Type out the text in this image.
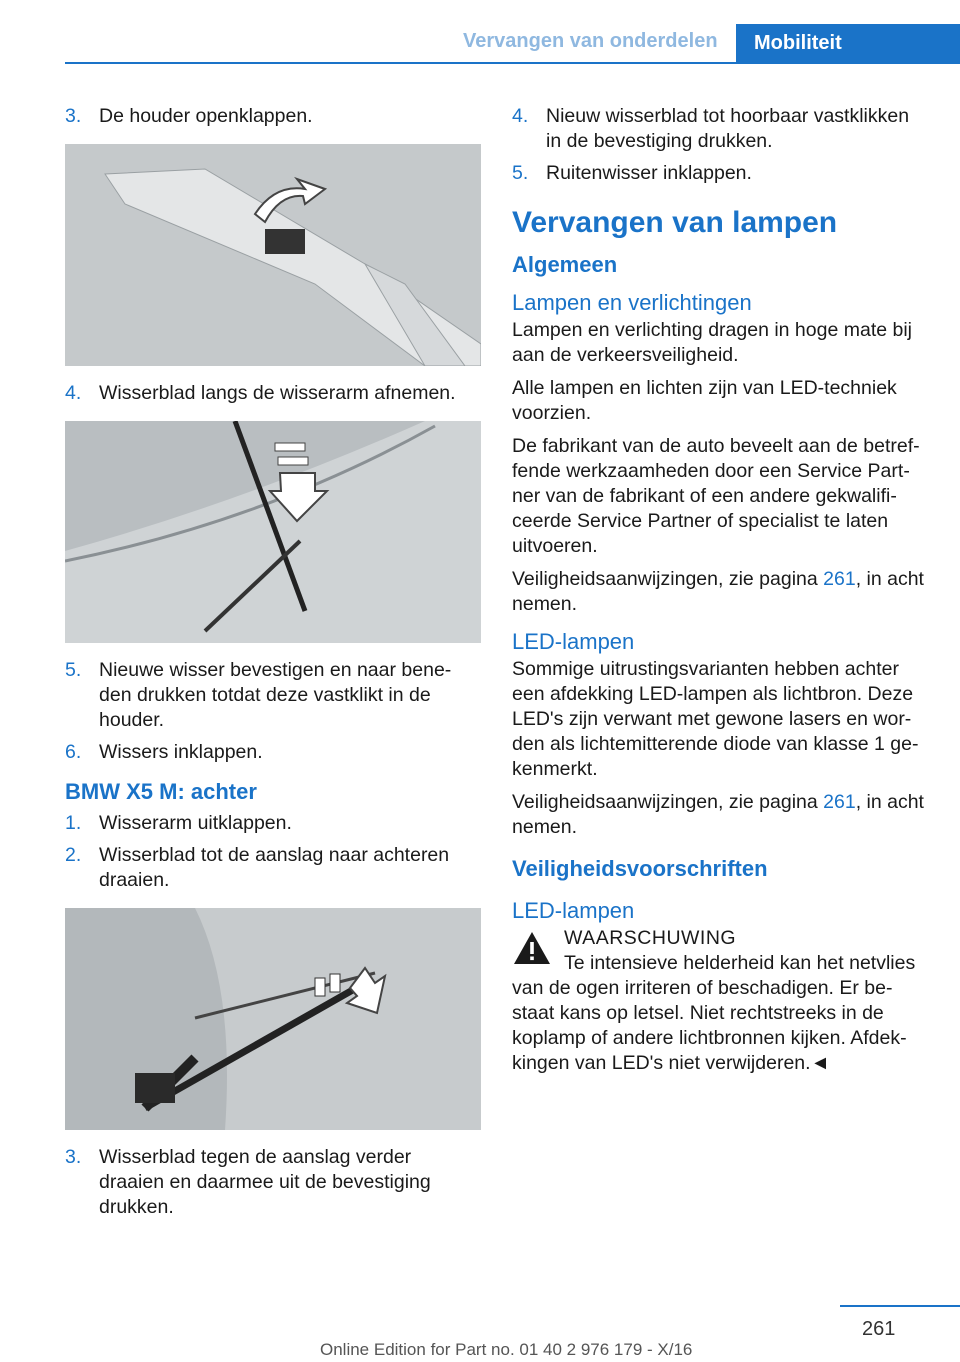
Vervangen van onderdelen	Mobiliteit
3. De houder openklappen.
4. Wisserblad langs de wisserarm afnemen.
5. Nieuwe wisser bevestigen en naar bene-den drukken totdat deze vastklikt in de houder.
6. Wissers inklappen.
BMW X5 M: achter
1. Wisserarm uitklappen.
2. Wisserblad tot de aanslag naar achteren draaien.
3. Wisserblad tegen de aanslag verder draaien en daarmee uit de bevestiging drukken.
4. Nieuw wisserblad tot hoorbaar vastklikken in de bevestiging drukken.
5. Ruitenwisser inklappen.
Vervangen van lampen
Algemeen
Lampen en verlichtingen

Lampen en verlichting dragen in hoge mate bij aan de verkeersveiligheid.

Alle lampen en lichten zijn van LED-techniek voorzien.

De fabrikant van de auto beveelt aan de betref-fende werkzaamheden door een Service Part-ner van de fabrikant of een andere gekwalifi-ceerde Service Partner of specialist te laten uitvoeren.

Veiligheidsaanwijzingen, zie pagina 261, in acht nemen.

LED-lampen

Sommige uitrustingsvarianten hebben achter een afdekking LED-lampen als lichtbron. Deze LED's zijn verwant met gewone lasers en wor-den als lichtemitterende diode van klasse 1 ge-kenmerkt.

Veiligheidsaanwijzingen, zie pagina 261, in acht nemen.

Veiligheidsvoorschriften
LED-lampen
WAARSCHUWING

Te intensieve helderheid kan het netvlies van de ogen irriteren of beschadigen. Er be-staat kans op letsel. Niet rechtstreeks in de koplamp of andere lichtbronnen kijken. Afdek-kingen van LED's niet verwijderen.◄

261
Online Edition for Part no. 01 40 2 976 179 - X/16
